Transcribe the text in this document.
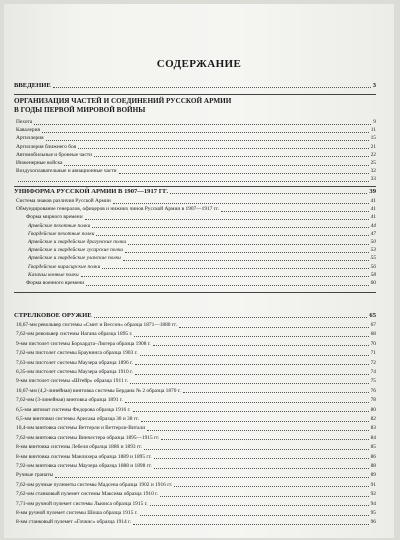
СОДЕРЖАНИЕ
ВВЕДЕНИЕ	3
ОРГАНИЗАЦИЯ ЧАСТЕЙ И СОЕДИНЕНИЙ РУССКОЙ АРМИИ
В ГОДЫ ПЕРВОЙ МИРОВОЙ ВОЙНЫ
Пехота	9
Кавалерия	11
Артиллерия	15
Артиллерия ближнего боя	21
Автомобильные и бронеые части	22
Инженерные войска	25
Воздухоплавательные и авиационные части	32
33
УНИФОРМА РУССКОЙ АРМИИ В 1907—1917 ГГ.	39
Система знаков различия Русской Армии	41
Обмундирование генералов, офицеров и нижних чинов Русской Армии в 1907—1917 гг.	41
Форма мирного времени	41
Армейские пехотные полки	44
Гвардейские пехотные полки	47
Армейские и гвардейские драгунские полки	50
Армейские и гвардейские гусарские полки	53
Армейские и гвардейские уланские полки	55
Гвардейские кирасирские полки	56
Казачьи конные полки	58
Форма военного времени	60
СТРЕЛКОВОЕ ОРУЖИЕ	65
10,67-мм револьвер системы «Смит и Вессон» образца 1871—1880 гг.	67
7,62-мм револьвер системы Нагана образца 1895 г.	68
9-мм пистолет системы Борхардта–Люгера образца 1908 г.	70
7,62-мм пистолет системы Браунинга образца 1903 г.	71
7,63-мм пистолет системы Маузера образца 1896 г.	72
6,35-мм пистолет системы Маузера образца 1910 г.	74
9-мм пистолет системы «Штейр» образца 1911 г.	75
10,67-мм (4,2-линейная) винтовка системы Бердана № 2 образца 1870 г.	76
7,62-мм (3-линейная) винтовка образца 1891 г.	78
6,5-мм автомат системы Федорова образца 1916 г.	80
6,5-мм винтовки системы Арисака образца 30 и 38 гг.	82
10,4-мм винтовка системы Веттерли и Веттерли-Витали	83
7,62-мм винтовка системы Винчестера образца 1895—1915 гг.	84
8-мм винтовка системы Лебеля образца 1886 и 1893 гг.	85
8-мм винтовка системы Манлихера образца 1889 и 1895 гг.	86
7,92-мм винтовка системы Маузера образца 1888 и 1898 гг.	88
Ручные гранаты	89
7,62-мм ручные пулеметы системы Мадсена образца 1902 и 1916 гг.	91
7,62-мм станковый пулемет системы Максима образца 1910 г.	92
7,71-мм ручной пулемет системы Льюиса образца 1915 г.	94
8-мм ручной пулемет системы Шоша образца 1915 г.	95
8-мм станковый пулемет «Гочкис» образца 1914 г.	96
